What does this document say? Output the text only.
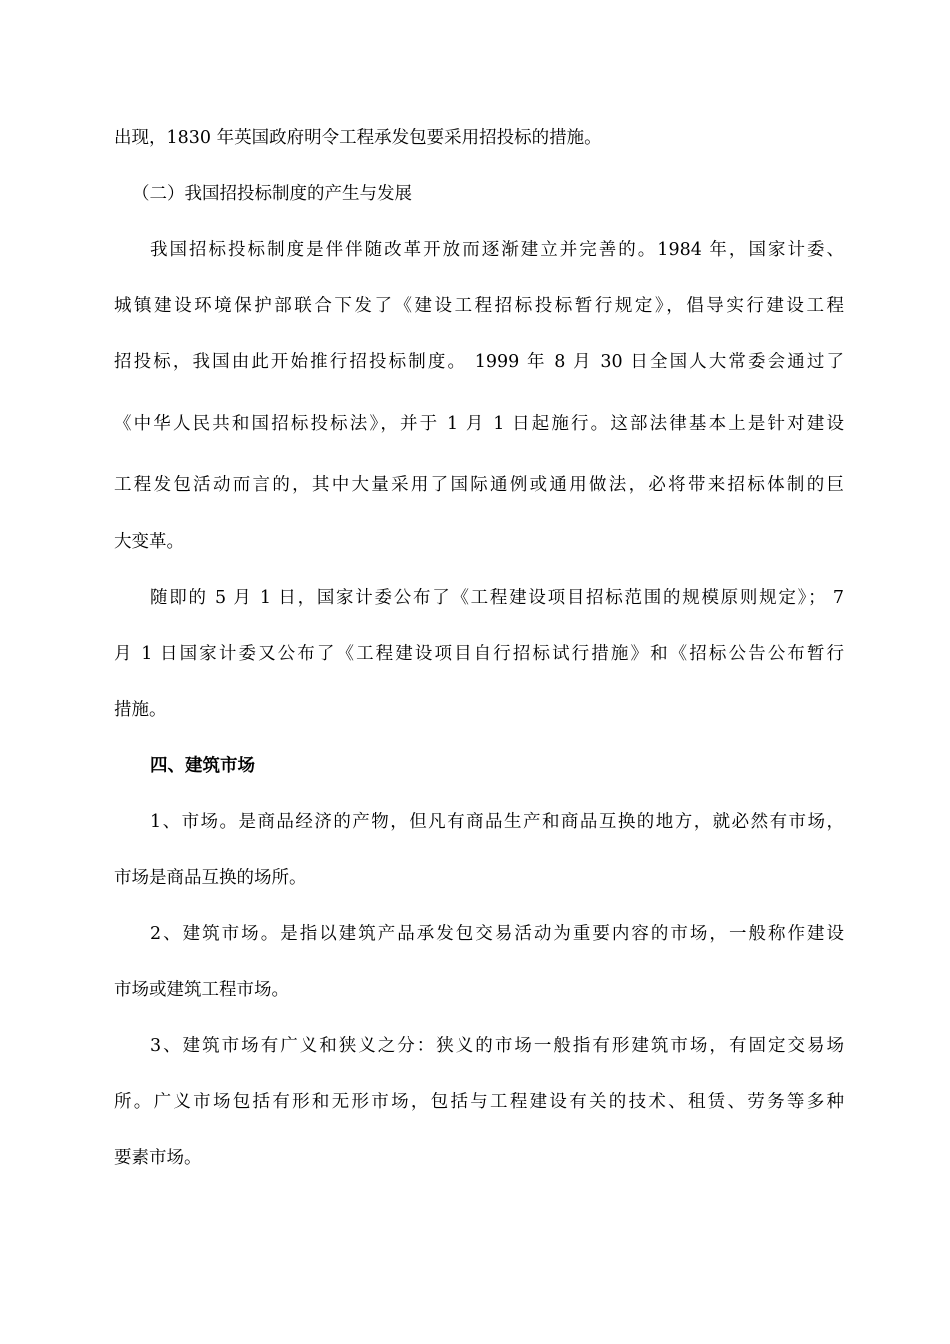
出现，1830 年英国政府明令工程承发包要采用招投标的措施。
（二）我国招投标制度的产生与发展
我国招标投标制度是伴伴随改革开放而逐渐建立并完善的。1984 年，国家计委、
城镇建设环境保护部联合下发了《建设工程招标投标暂行规定》，倡导实行建设工程
招投标，我国由此开始推行招投标制度。 1999 年 8 月 30 日全国人大常委会通过了
《中华人民共和国招标投标法》，并于 1 月 1 日起施行。这部法律基本上是针对建设
工程发包活动而言的，其中大量采用了国际通例或通用做法，必将带来招标体制的巨
大变革。
随即的 5 月 1 日，国家计委公布了《工程建设项目招标范围的规模原则规定》； 7
月 1 日国家计委又公布了《工程建设项目自行招标试行措施》和《招标公告公布暂行
措施。
四、建筑市场
1、市场。是商品经济的产物，但凡有商品生产和商品互换的地方，就必然有市场，
市场是商品互换的场所。
2、建筑市场。是指以建筑产品承发包交易活动为重要内容的市场，一般称作建设
市场或建筑工程市场。
3、建筑市场有广义和狭义之分：狭义的市场一般指有形建筑市场，有固定交易场
所。广义市场包括有形和无形市场，包括与工程建设有关的技术、租赁、劳务等多种
要素市场。
